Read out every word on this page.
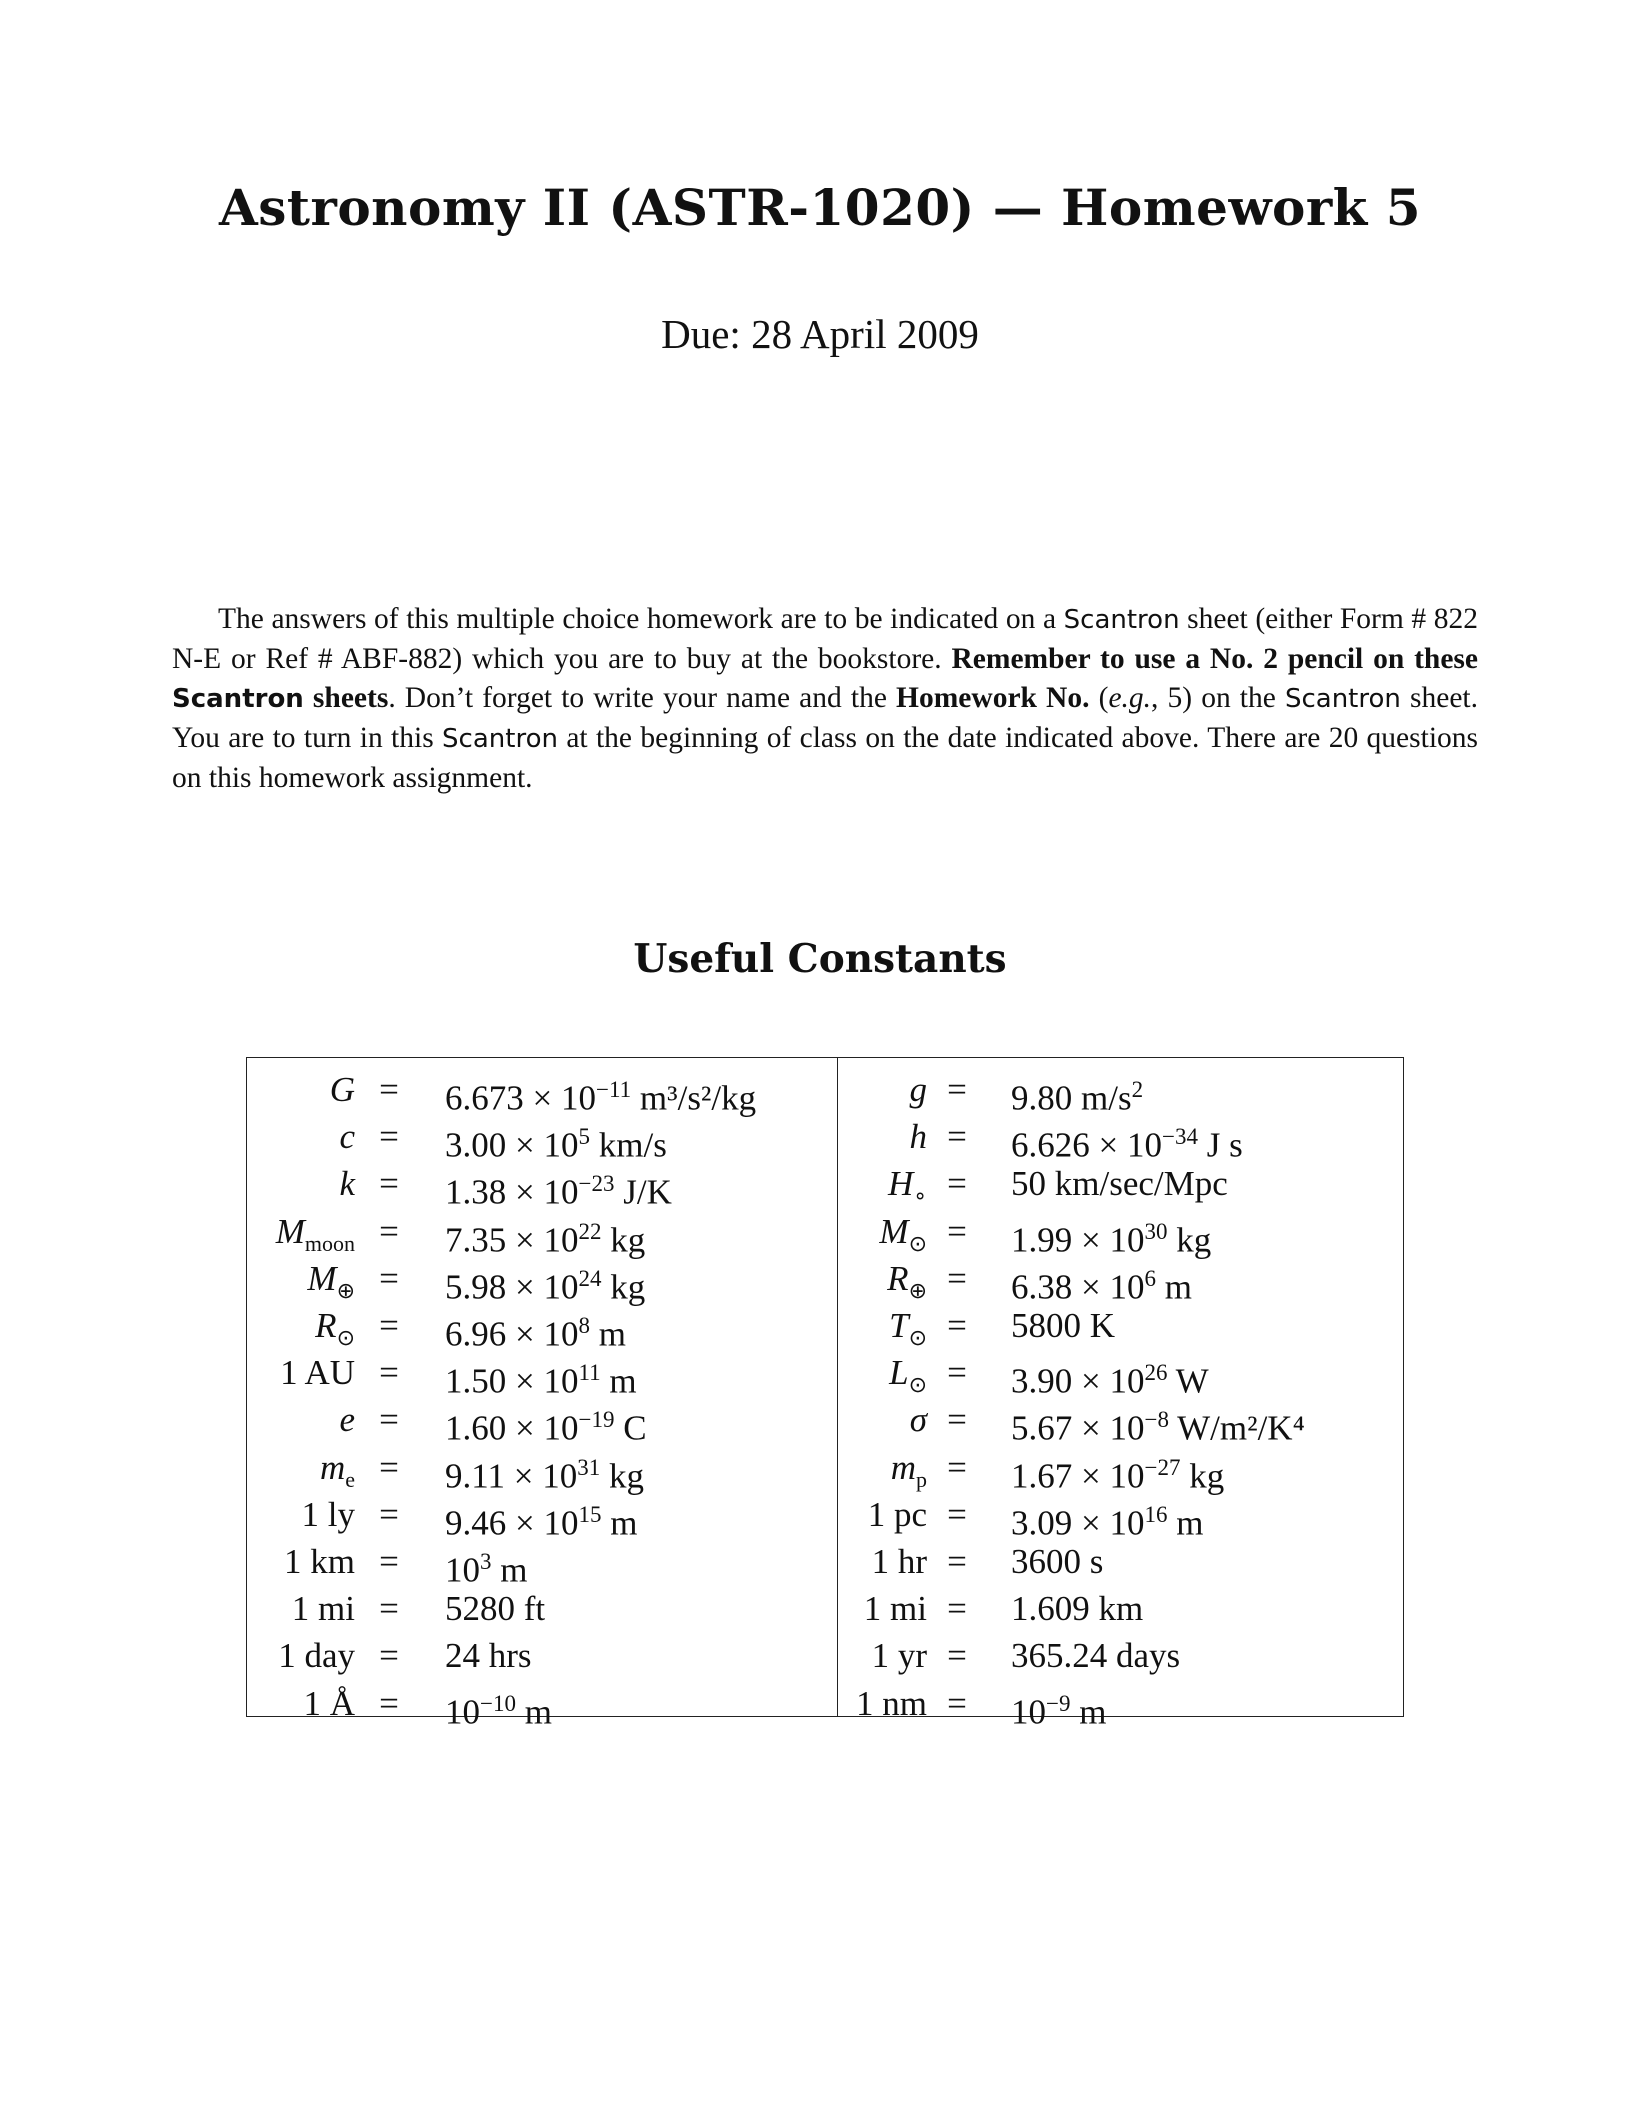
Astronomy II (ASTR-1020) — Homework 5
Due: 28 April 2009
The answers of this multiple choice homework are to be indicated on a Scantron sheet (either Form # 822 N-E or Ref # ABF-882) which you are to buy at the bookstore. Remember to use a No. 2 pencil on these Scantron sheets. Don’t forget to write your name and the Homework No. (e.g., 5) on the Scantron sheet. You are to turn in this Scantron at the beginning of class on the date indicated above. There are 20 questions on this homework assignment.
Useful Constants
$G = 6.673 \times 10^{-11}$ m³/s²/kg
$c = 3.00 \times 10^5$ km/s
$k = 1.38 \times 10^{-23}$ J/K
$M_{moon} = 7.35 \times 10^{22}$ kg
$M_\oplus = 5.98 \times 10^{24}$ kg
$R_⊙ = 6.96 \times 10^8$ m
1 AU = $1.50 \times 10^{11}$ m
$e = 1.60 \times 10^{-19}$ C
$m_e = 9.11 \times 10^{31}$ kg
1 ly = $9.46 \times 10^{15}$ m
1 km = $10^3$ m
1 mi = 5280 ft
1 day = 24 hrs
1 Å = $10^{-10}$ m
g = 9.80 $m/s^2$
$h = 6.626 \times 10^{-34}$ J s
$H_\circ = 50$ km/sec/Mpc
$M_⊙ = 1.99 \times 10^{30}$ kg
$R_\oplus = 6.38 \times 10^6$ m
$T_⊙ = 5800$ K
$L_⊙ = 3.90 \times 10^{26}$ W
$\sigma = 5.67 \times 10^{-8}$ W/m²/K⁴
$m_p = 1.67 \times 10^{-27}$ kg
1 pc = $3.09 \times 10^{16}$ m
1 hr = 3600 s
1 mi = 1.609 km
1 yr = 365.24 days
1 nm = $10^{-9}$ m
